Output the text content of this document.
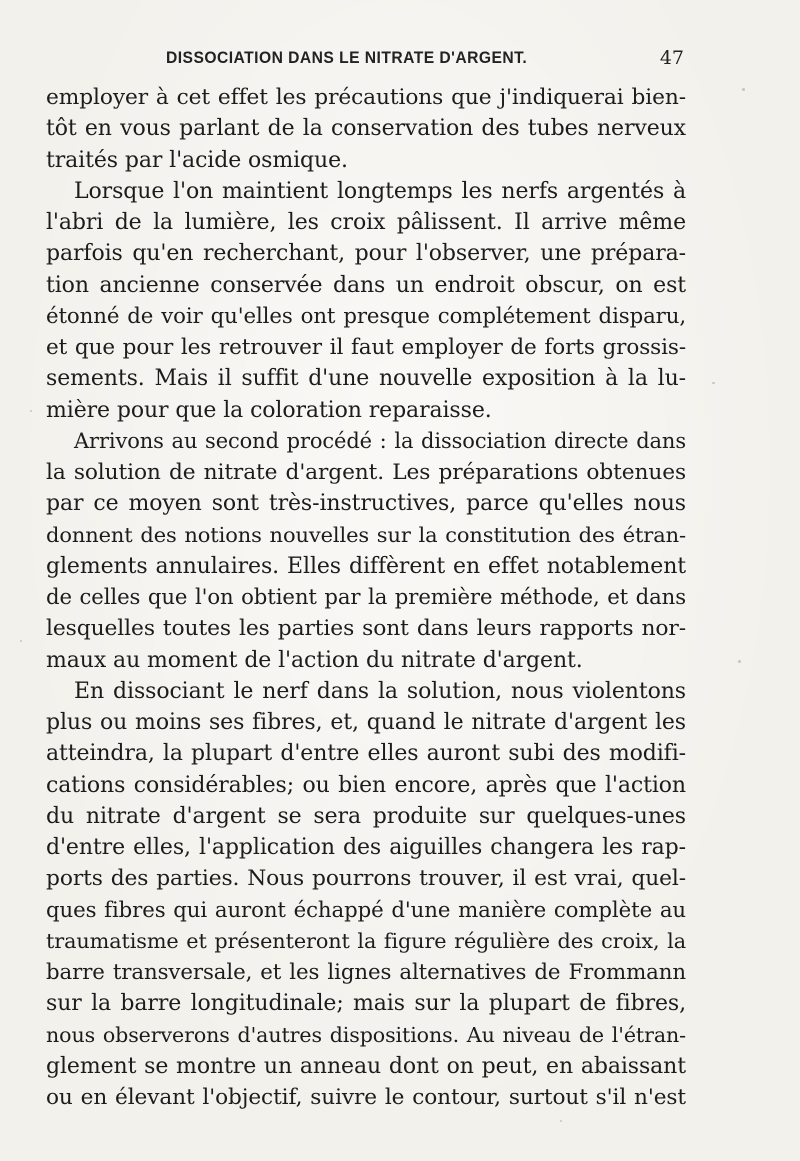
DISSOCIATION DANS LE NITRATE D'ARGENT.	47
employer à cet effet les précautions que j'indiquerai bien-
tôt en vous parlant de la conservation des tubes nerveux
traités par l'acide osmique.
Lorsque l'on maintient longtemps les nerfs argentés à
l'abri de la lumière, les croix pâlissent. Il arrive même
parfois qu'en recherchant, pour l'observer, une prépara-
tion ancienne conservée dans un endroit obscur, on est
étonné de voir qu'elles ont presque complétement disparu,
et que pour les retrouver il faut employer de forts grossis-
sements. Mais il suffit d'une nouvelle exposition à la lu-
mière pour que la coloration reparaisse.
Arrivons au second procédé : la dissociation directe dans
la solution de nitrate d'argent. Les préparations obtenues
par ce moyen sont très-instructives, parce qu'elles nous
donnent des notions nouvelles sur la constitution des étran-
glements annulaires. Elles diffèrent en effet notablement
de celles que l'on obtient par la première méthode, et dans
lesquelles toutes les parties sont dans leurs rapports nor-
maux au moment de l'action du nitrate d'argent.
En dissociant le nerf dans la solution, nous violentons
plus ou moins ses fibres, et, quand le nitrate d'argent les
atteindra, la plupart d'entre elles auront subi des modifi-
cations considérables; ou bien encore, après que l'action
du nitrate d'argent se sera produite sur quelques-unes
d'entre elles, l'application des aiguilles changera les rap-
ports des parties. Nous pourrons trouver, il est vrai, quel-
ques fibres qui auront échappé d'une manière complète au
traumatisme et présenteront la figure régulière des croix, la
barre transversale, et les lignes alternatives de Frommann
sur la barre longitudinale; mais sur la plupart de fibres,
nous observerons d'autres dispositions. Au niveau de l'étran-
glement se montre un anneau dont on peut, en abaissant
ou en élevant l'objectif, suivre le contour, surtout s'il n'est
